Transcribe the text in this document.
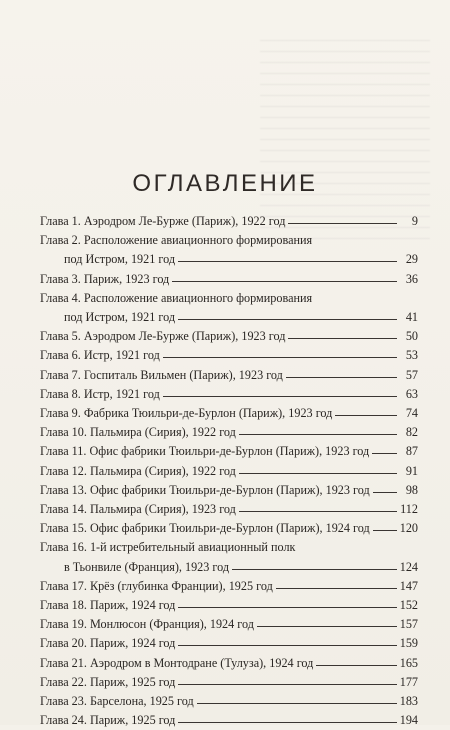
ОГЛАВЛЕНИЕ
Глава 1. Аэродром Ле-Бурже (Париж), 1922 год	9
Глава 2. Расположение авиационного формирования
под Истром, 1921 год	29
Глава 3. Париж, 1923 год	36
Глава 4. Расположение авиационного формирования
под Истром, 1921 год	41
Глава 5. Аэродром Ле-Бурже (Париж), 1923 год	50
Глава 6. Истр, 1921 год	53
Глава 7. Госпиталь Вильмен (Париж), 1923 год	57
Глава 8. Истр, 1921 год	63
Глава 9. Фабрика Тюильри-де-Бурлон (Париж), 1923 год	74
Глава 10. Пальмира (Сирия), 1922 год	82
Глава 11. Офис фабрики Тюильри-де-Бурлон (Париж), 1923 год	87
Глава 12. Пальмира (Сирия), 1922 год	91
Глава 13. Офис фабрики Тюильри-де-Бурлон (Париж), 1923 год	98
Глава 14. Пальмира (Сирия), 1923 год	112
Глава 15. Офис фабрики Тюильри-де-Бурлон (Париж), 1924 год 120
Глава 16. 1-й истребительный авиационный полк
в Тьонвиле (Франция), 1923 год	124
Глава 17. Крёз (глубинка Франции), 1925 год	147
Глава 18. Париж, 1924 год	152
Глава 19. Монлюсон (Франция), 1924 год	157
Глава 20. Париж, 1924 год	159
Глава 21. Аэродром в Монтодране (Тулуза), 1924 год	165
Глава 22. Париж, 1925 год	177
Глава 23. Барселона, 1925 год	183
Глава 24. Париж, 1925 год	194
